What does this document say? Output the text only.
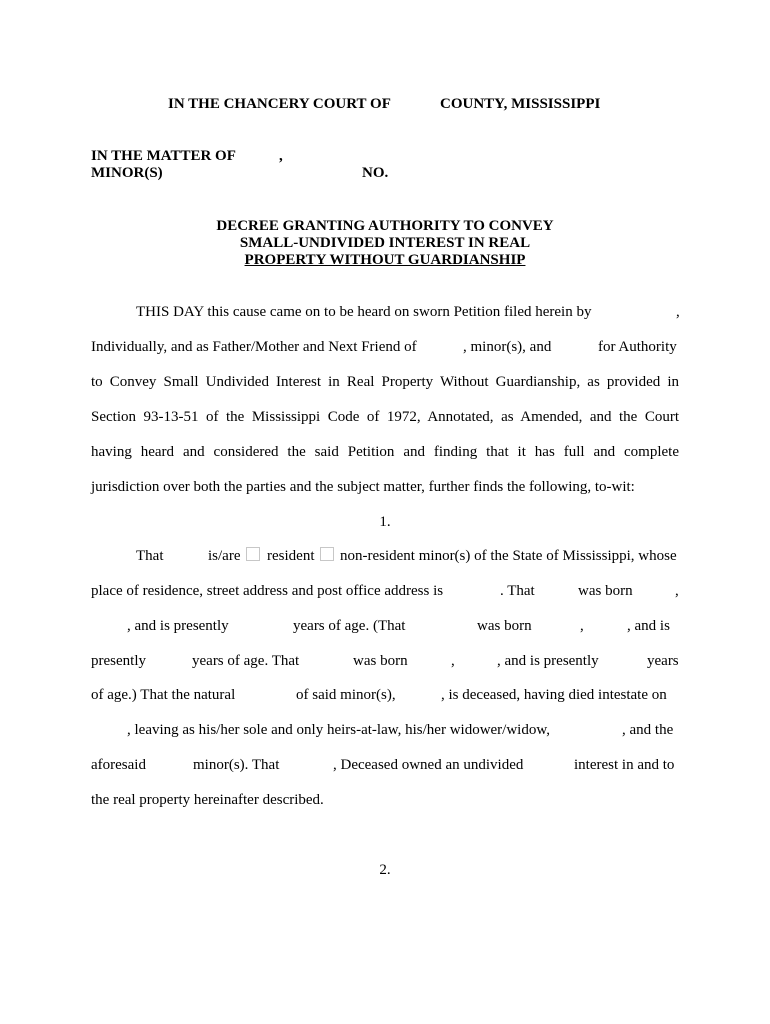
IN THE CHANCERY COURT OF	COUNTY, MISSISSIPPI
IN THE MATTER OF	,
MINOR(S)	NO.
DECREE GRANTING AUTHORITY TO CONVEY
SMALL-UNDIVIDED INTEREST IN REAL
PROPERTY WITHOUT GUARDIANSHIP
THIS DAY this cause came on to be heard on sworn Petition filed herein by	,
Individually, and as Father/Mother and Next Friend of	, minor(s), and	for Authority
to Convey Small Undivided Interest in Real Property Without Guardianship, as provided in
Section 93-13-51 of the Mississippi Code of 1972, Annotated, as Amended, and the Court
having heard and considered the said Petition and finding that it has full and complete
jurisdiction over both the parties and the subject matter, further finds the following, to-wit:
1.
That	is/are resident non-resident minor(s) of the State of Mississippi, whose
place of residence, street address and post office address is	. That	was born	,
, and is presently	years of age. (That	was born	,	, and is
presently	years of age. That	was born	,	, and is presently	years
of age.) That the natural	of said minor(s),	, is deceased, having died intestate on
, leaving as his/her sole and only heirs-at-law, his/her widower/widow,	, and the
aforesaid	minor(s). That	, Deceased owned an undivided	interest in and to
the real property hereinafter described.
2.
